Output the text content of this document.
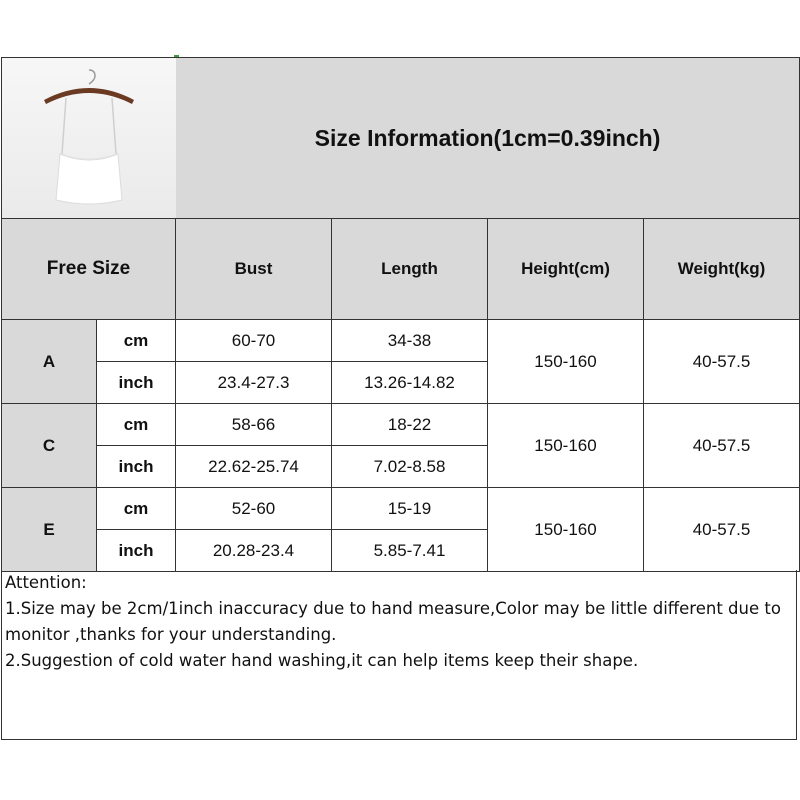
	Size Information(1cm=0.39inch)			
Free Size		Bust	Length	Height(cm)	Weight(kg)
A	cm	60-70	34-38	150-160	40-57.5
	inch	23.4-27.3	13.26-14.82		
C	cm	58-66	18-22	150-160	40-57.5
	inch	22.62-25.74	7.02-8.58		
E	cm	52-60	15-19	150-160	40-57.5
	inch	20.28-23.4	5.85-7.41		

Attention:

1.Size may be 2cm/1inch inaccuracy due to hand measure,Color may be little different due to monitor ,thanks for your understanding.

2.Suggestion of cold water hand washing,it can help items keep their shape.
